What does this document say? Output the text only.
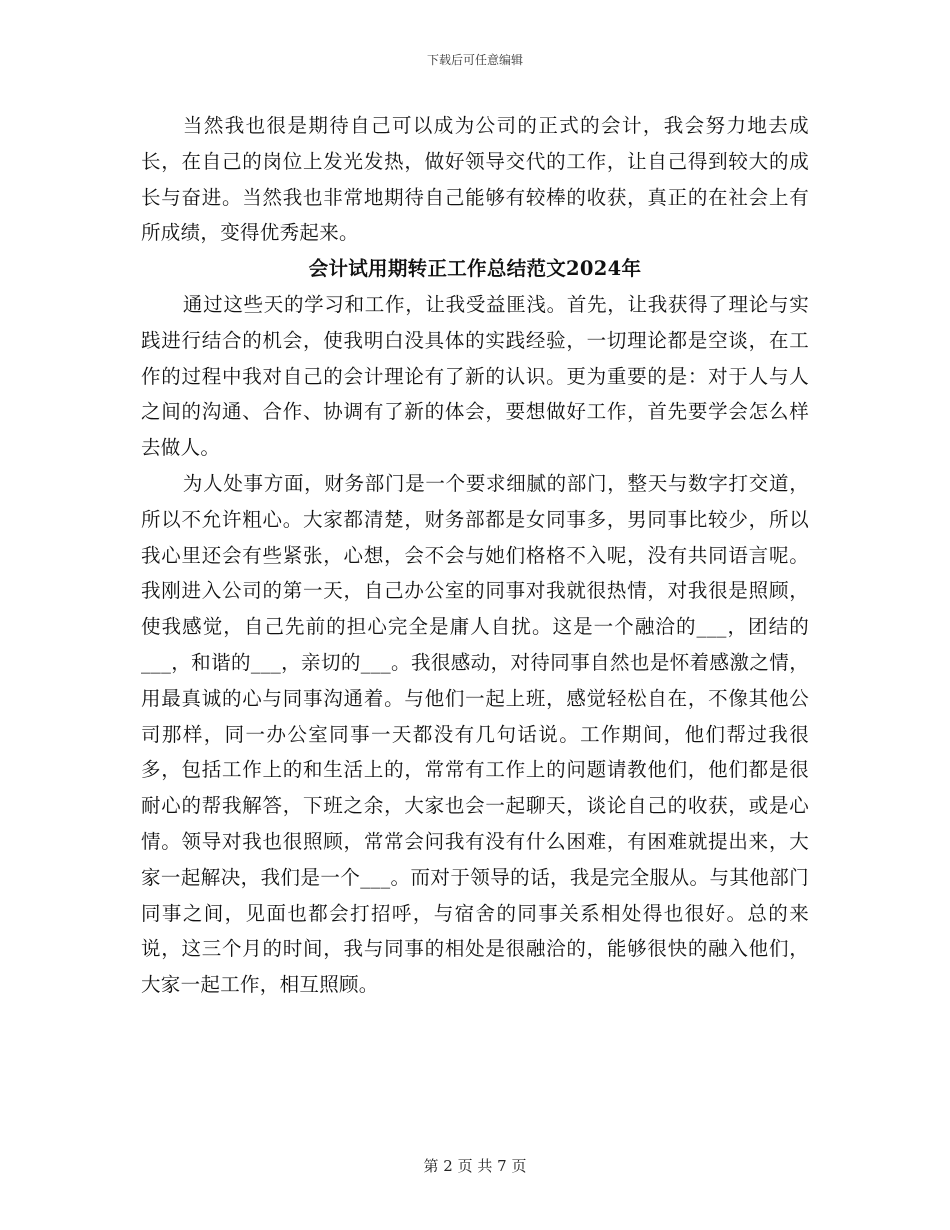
下载后可任意编辑

当然我也很是期待自己可以成为公司的正式的会计，我会努力地去成长，在自己的岗位上发光发热，做好领导交代的工作，让自己得到较大的成长与奋进。当然我也非常地期待自己能够有较棒的收获，真正的在社会上有所成绩，变得优秀起来。

会计试用期转正工作总结范文2024年

通过这些天的学习和工作，让我受益匪浅。首先，让我获得了理论与实践进行结合的机会，使我明白没具体的实践经验，一切理论都是空谈，在工作的过程中我对自己的会计理论有了新的认识。更为重要的是：对于人与人之间的沟通、合作、协调有了新的体会，要想做好工作，首先要学会怎么样去做人。

为人处事方面，财务部门是一个要求细腻的部门，整天与数字打交道，所以不允许粗心。大家都清楚，财务部都是女同事多，男同事比较少，所以我心里还会有些紧张，心想，会不会与她们格格不入呢，没有共同语言呢。我刚进入公司的第一天，自己办公室的同事对我就很热情，对我很是照顾，使我感觉，自己先前的担心完全是庸人自扰。这是一个融洽的___，团结的___，和谐的___，亲切的___。我很感动，对待同事自然也是怀着感激之情，用最真诚的心与同事沟通着。与他们一起上班，感觉轻松自在，不像其他公司那样，同一办公室同事一天都没有几句话说。工作期间，他们帮过我很多，包括工作上的和生活上的，常常有工作上的问题请教他们，他们都是很耐心的帮我解答，下班之余，大家也会一起聊天，谈论自己的收获，或是心情。领导对我也很照顾，常常会问我有没有什么困难，有困难就提出来，大家一起解决，我们是一个___。而对于领导的话，我是完全服从。与其他部门同事之间，见面也都会打招呼，与宿舍的同事关系相处得也很好。总的来说，这三个月的时间，我与同事的相处是很融洽的，能够很快的融入他们，大家一起工作，相互照顾。

第 2 页 共 7 页
